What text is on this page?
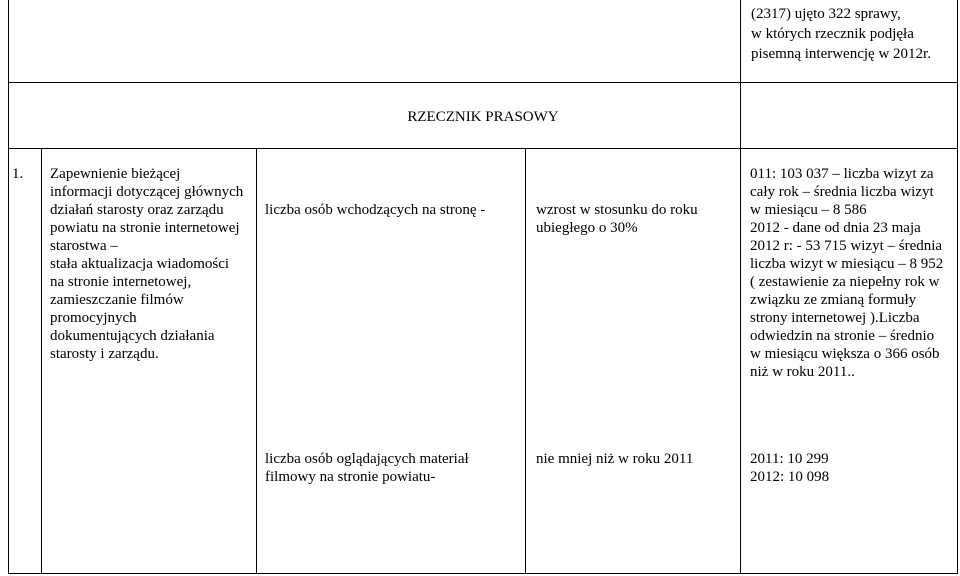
(2317) ujęto 322 sprawy,
w których rzecznik podjęła
pisemną interwencję w 2012r.
RZECZNIK PRASOWY
1. Zapewnienie bieżącej
informacji dotyczącej głównych
działań starosty oraz zarządu
powiatu na stronie internetowej
starostwa –
stała aktualizacja wiadomości
na stronie internetowej,
zamieszczanie filmów
promocyjnych
dokumentujących działania
starosty i zarządu.
liczba osób wchodzących na stronę -	wzrost w stosunku do roku
ubiegłego o 30%
011: 103 037 – liczba wizyt za
cały rok – średnia liczba wizyt
w miesiącu – 8 586
2012 - dane od dnia 23 maja
2012 r: - 53 715 wizyt – średnia
liczba wizyt w miesiącu – 8 952
( zestawienie za niepełny rok w
związku ze zmianą formuły
strony internetowej ).Liczba
odwiedzin na stronie – średnio
w miesiącu większa o 366 osób
niż w roku 2011..
liczba osób oglądających materiał
filmowy na stronie powiatu-
nie mniej niż w roku 2011	2011: 10 299
2012: 10 098
